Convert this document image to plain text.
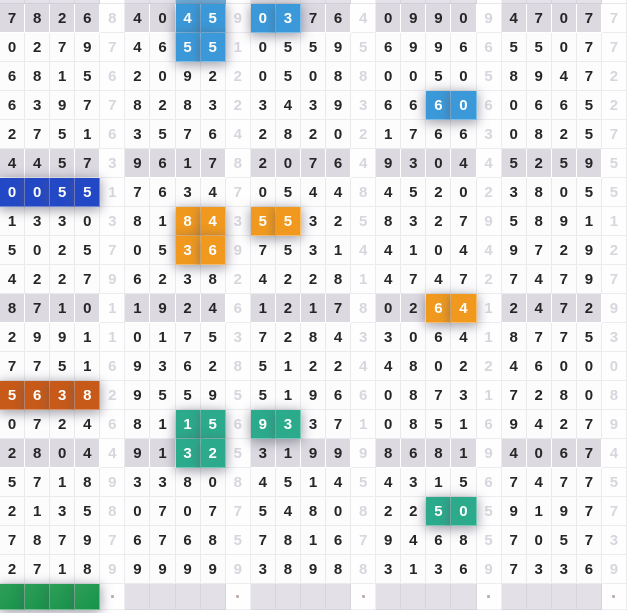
7	8	2	6	8	4	0	4	5	9	0	3	7	6	4	0	9	9	0	9	4	7	0	7	7
0	2	7	9	7	4	6	5	5	1	0	5	5	9	5	6	9	9	6	6	5	5	0	7	7
6	8	1	5	6	2	0	9	2	2	0	5	0	8	8	0	0	5	0	5	8	9	4	7	2
6	3	9	7	7	8	2	8	3	2	3	4	3	9	3	6	6	6	0	6	0	6	6	5	2
2	7	5	1	6	3	5	7	6	4	2	8	2	0	2	1	7	6	6	3	0	8	2	5	7
4	4	5	7	3	9	6	1	7	8	2	0	7	6	4	9	3	0	4	4	5	2	5	9	5
0	0	5	5	1	7	6	3	4	7	0	5	4	4	8	4	5	2	0	2	3	8	0	5	5
1	3	3	0	3	8	1	8	4	3	5	5	3	2	5	8	3	2	7	9	5	8	9	1	1
5	0	2	5	7	0	5	3	6	9	7	5	3	1	4	4	1	0	4	4	9	7	2	9	2
4	2	2	7	9	6	2	3	8	2	4	2	2	8	1	4	7	4	7	2	7	4	7	9	7
8	7	1	0	1	1	9	2	4	6	1	2	1	7	8	0	2	6	4	1	2	4	7	2	9
2	9	9	1	1	0	1	7	5	3	7	2	8	4	3	3	0	6	4	1	8	7	7	5	3
7	7	5	1	6	9	3	6	2	8	5	1	2	2	4	4	8	0	2	2	4	6	0	0	0
5	6	3	8	2	9	5	5	9	5	5	1	9	6	6	0	8	7	3	1	7	2	8	0	8
0	7	2	4	6	8	1	1	5	6	9	3	3	7	1	0	8	5	1	6	9	4	2	7	9
2	8	0	4	4	9	1	3	2	5	3	1	9	9	9	8	6	8	1	9	4	0	6	7	4
5	7	1	8	9	3	3	8	0	8	4	5	1	4	5	4	3	1	5	6	7	4	7	7	5
2	1	3	5	8	0	7	0	7	7	5	4	8	0	8	2	2	5	0	5	9	1	9	7	7
7	8	7	9	7	6	7	6	8	5	7	8	1	6	7	9	4	6	8	5	7	0	5	7	3
2	7	1	8	9	9	9	9	9	9	3	8	9	8	8	3	1	3	6	9	7	3	3	6	9
